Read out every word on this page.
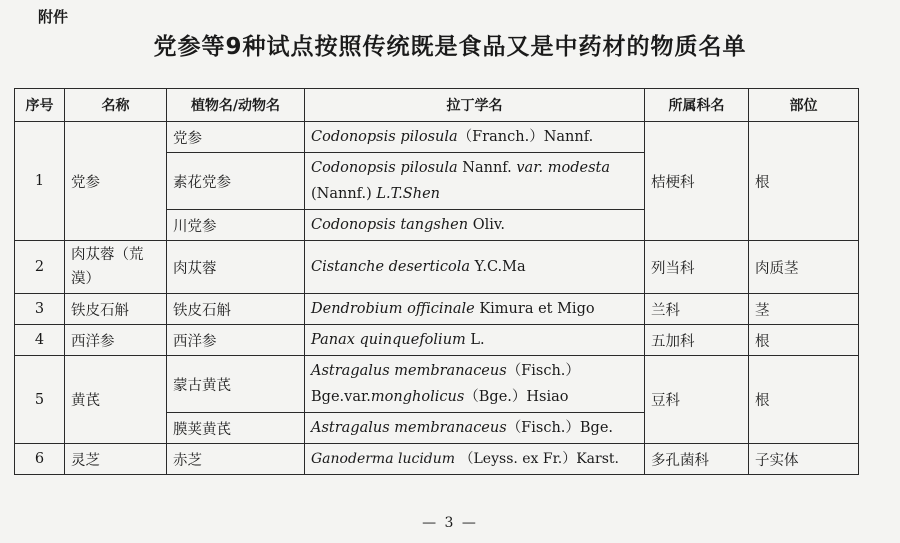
附件
党参等9种试点按照传统既是食品又是中药材的物质名单
序号	名称	植物名/动物名	拉丁学名	所属科名	部位
1	党参	党参	Codonopsis pilosula（Franch.）Nannf.	桔梗科	根
		素花党参	Codonopsis pilosula Nannf. var. modesta
(Nannf.) L.T.Shen		
		川党参	Codonopsis tangshen Oliv.		
2	肉苁蓉（荒漠）	肉苁蓉	Cistanche deserticola Y.C.Ma	列当科	肉质茎
3	铁皮石斛	铁皮石斛	Dendrobium officinale Kimura et Migo	兰科	茎
4	西洋参	西洋参	Panax quinquefolium L.	五加科	根
5	黄芪	蒙古黄芪	Astragalus membranaceus（Fisch.）Bge.var.mongholicus（Bge.）Hsiao	豆科	根
		膜荚黄芪	Astragalus membranaceus（Fisch.）Bge.		
6	灵芝	赤芝	Ganoderma lucidum （Leyss. ex Fr.）Karst.	多孔菌科	子实体
— 3 —
